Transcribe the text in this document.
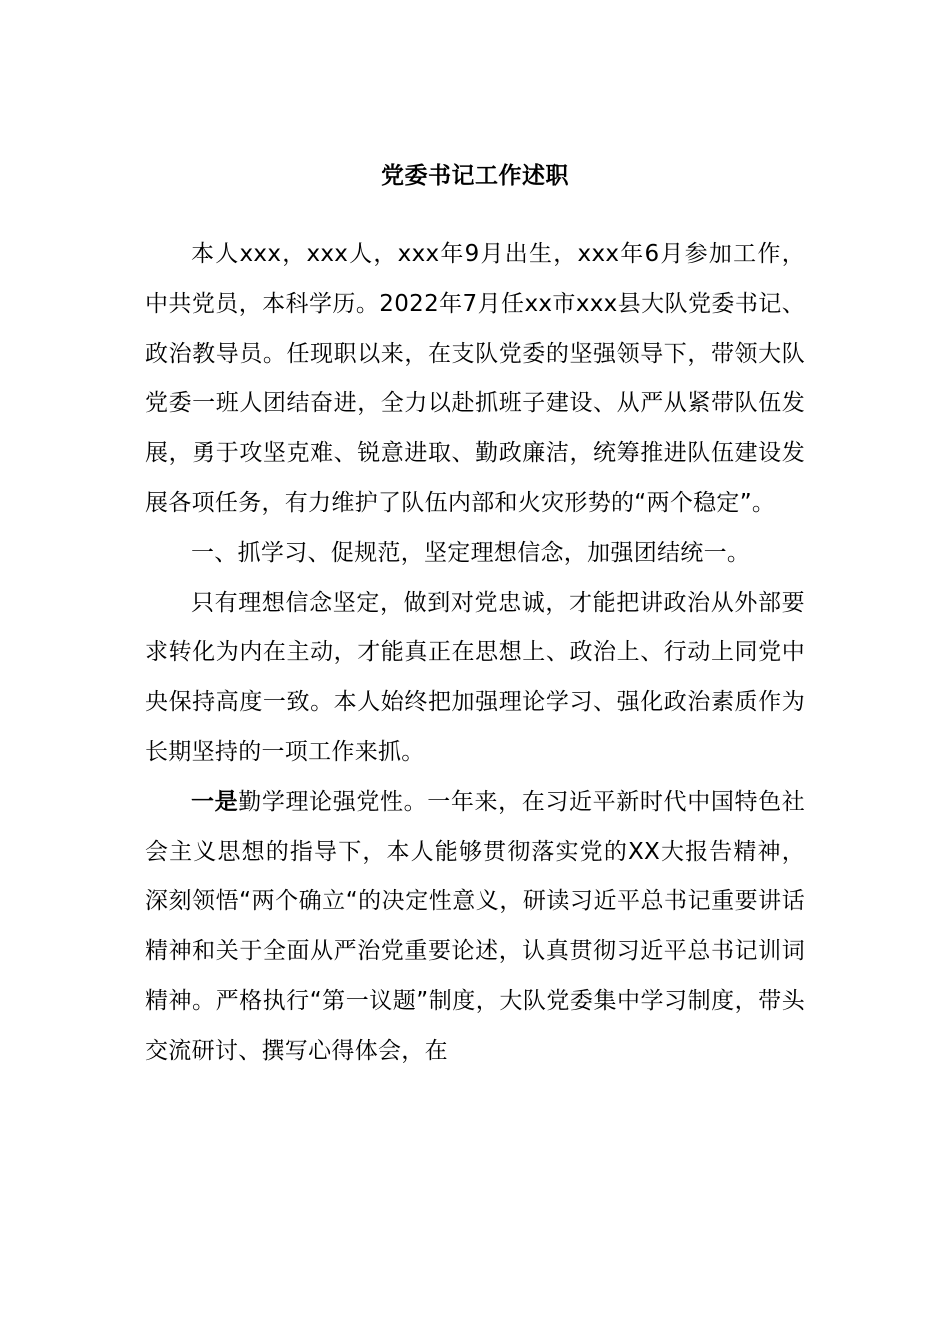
党委书记工作述职

本人xxx，xxx人，xxx年9月出生，xxx年6月参加工作，中共党员，本科学历。2022年7月任xx市xxx县大队党委书记、政治教导员。任现职以来，在支队党委的坚强领导下，带领大队党委一班人团结奋进，全力以赴抓班子建设、从严从紧带队伍发展，勇于攻坚克难、锐意进取、勤政廉洁，统筹推进队伍建设发展各项任务，有力维护了队伍内部和火灾形势的“两个稳定”。

一、抓学习、促规范，坚定理想信念，加强团结统一。

只有理想信念坚定，做到对党忠诚，才能把讲政治从外部要求转化为内在主动，才能真正在思想上、政治上、行动上同党中央保持高度一致。本人始终把加强理论学习、强化政治素质作为长期坚持的一项工作来抓。

一是勤学理论强党性。一年来，在习近平新时代中国特色社会主义思想的指导下，本人能够贯彻落实党的XX大报告精神，深刻领悟“两个确立“的决定性意义，研读习近平总书记重要讲话精神和关于全面从严治党重要论述，认真贯彻习近平总书记训词精神。严格执行“第一议题”制度，大队党委集中学习制度，带头交流研讨、撰写心得体会，在
